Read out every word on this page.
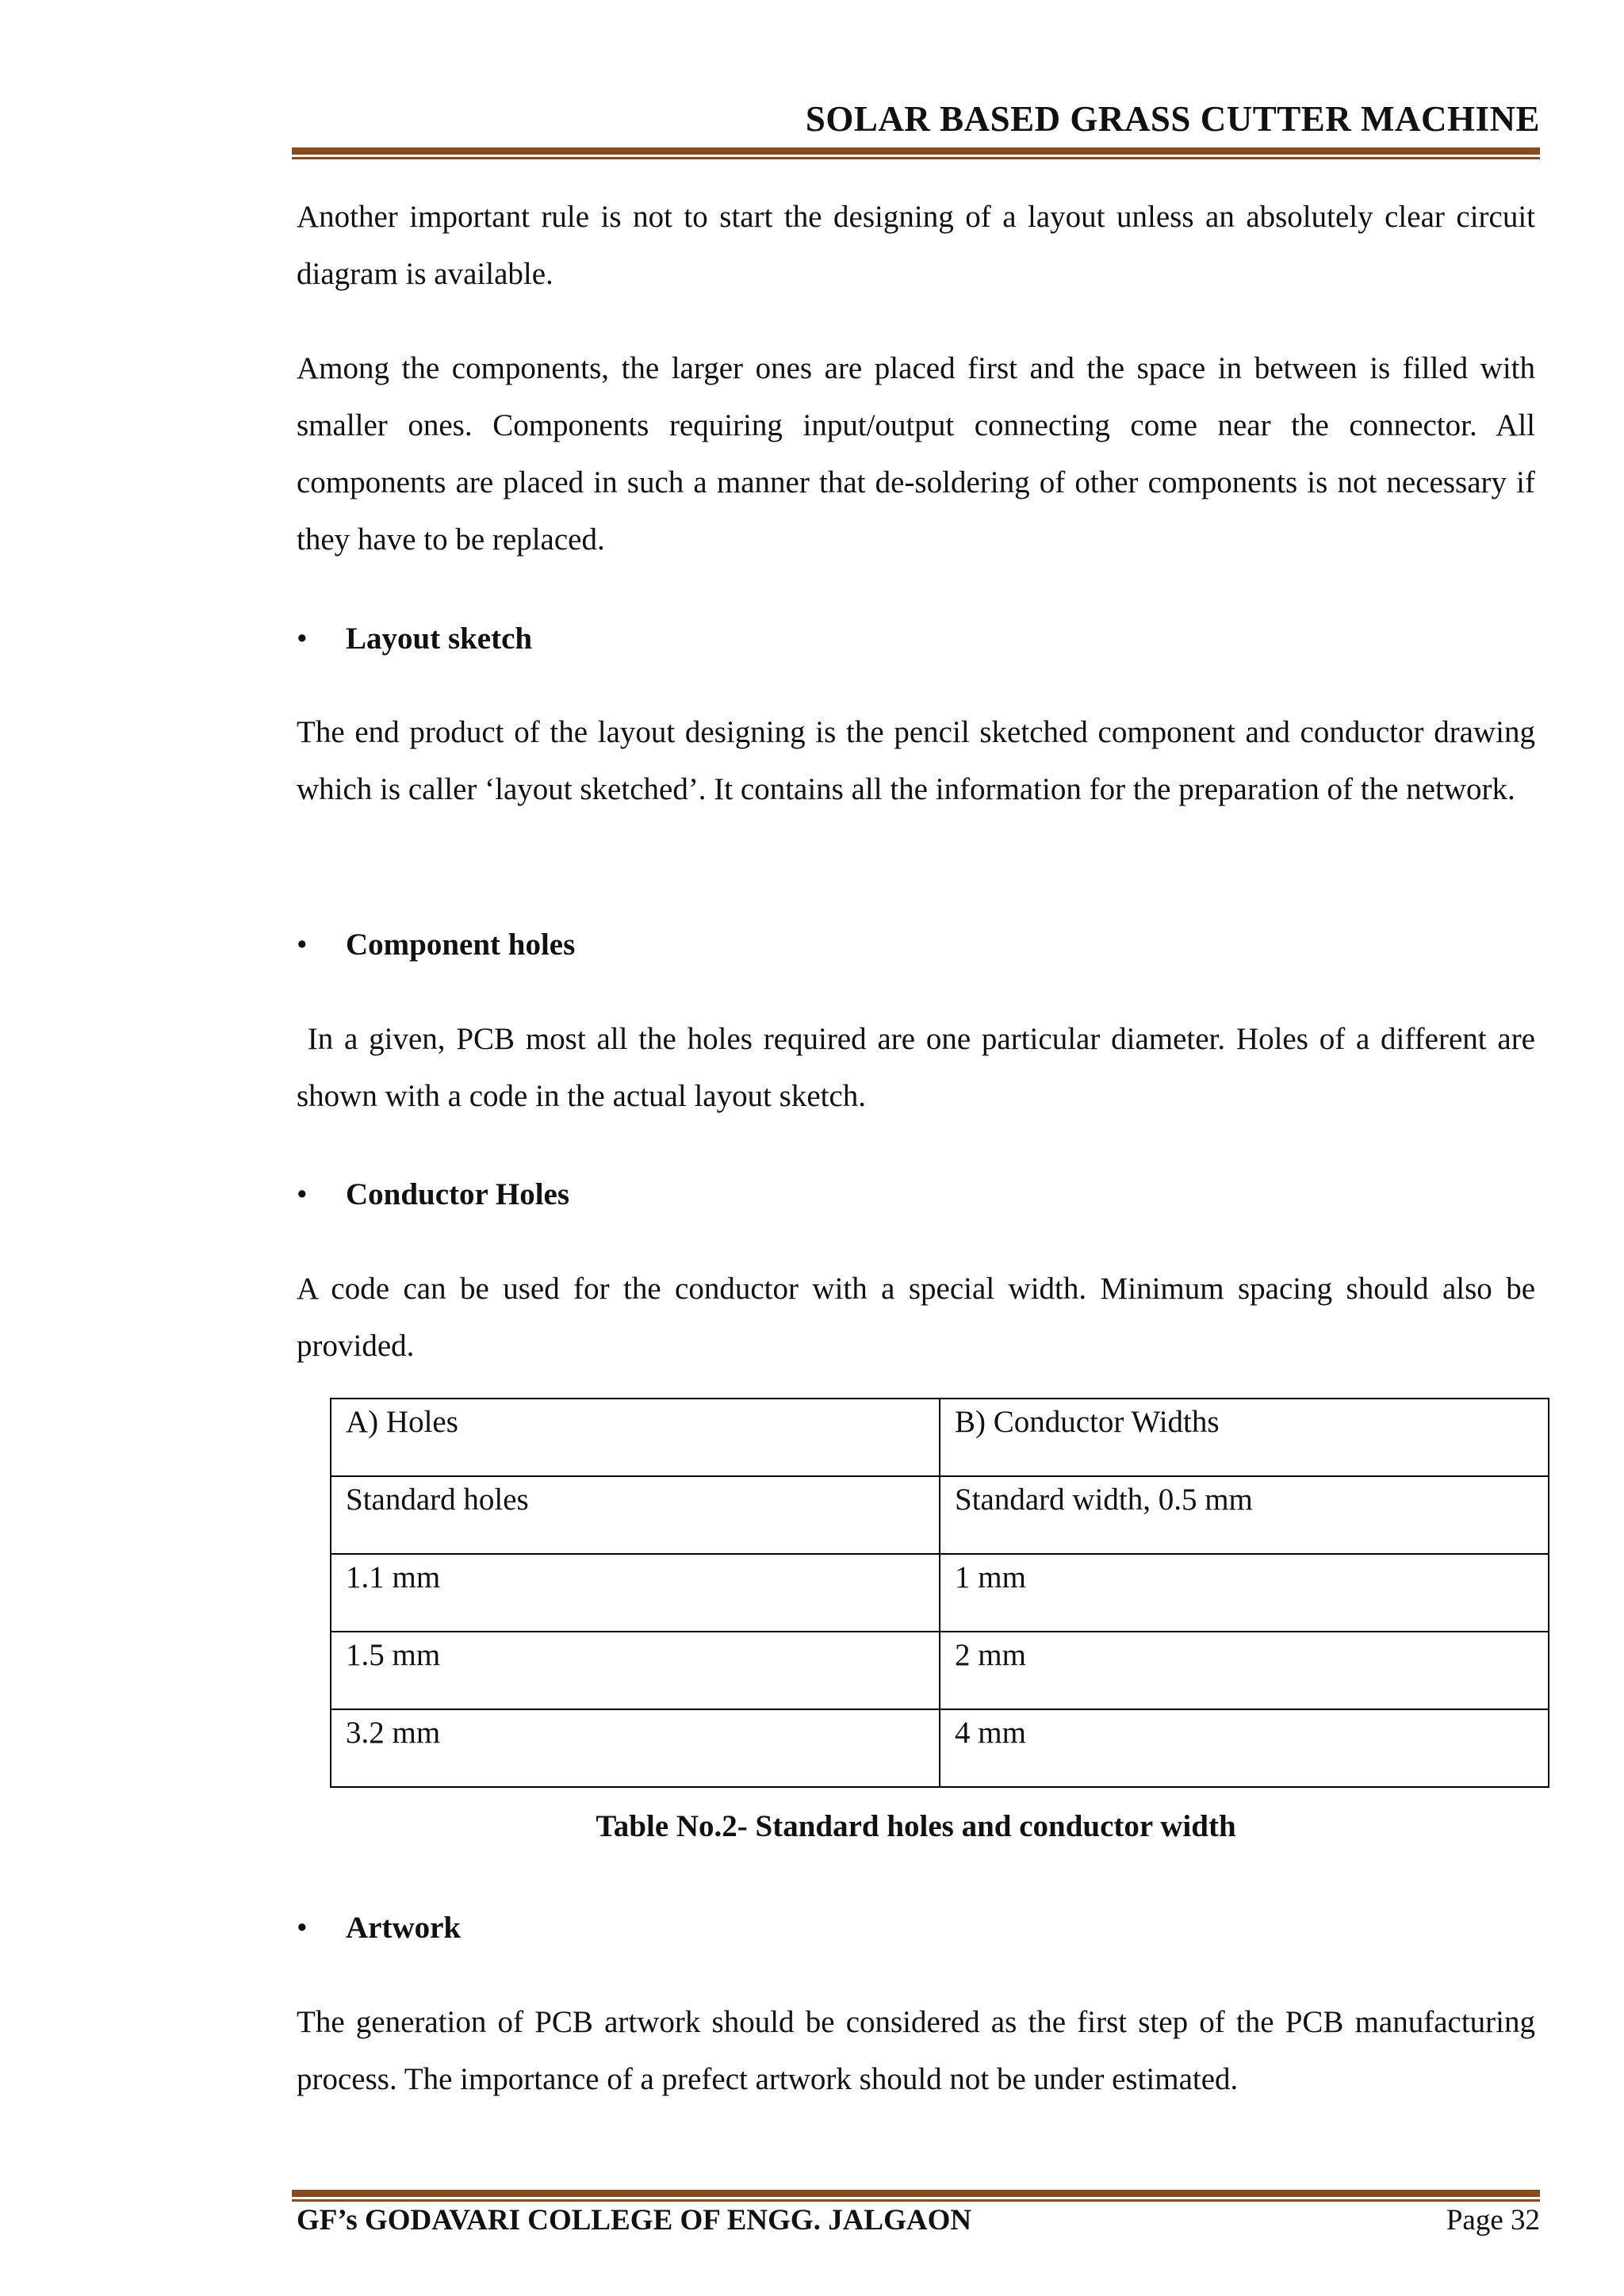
SOLAR BASED GRASS CUTTER MACHINE

Another important rule is not to start the designing of a layout unless an absolutely clear circuit diagram is available.

Among the components, the larger ones are placed first and the space in between is filled with smaller ones. Components requiring input/output connecting come near the connector. All components are placed in such a manner that de-soldering of other components is not necessary if they have to be replaced.

• Layout sketch

The end product of the layout designing is the pencil sketched component and conductor drawing which is caller ‘layout sketched’. It contains all the information for the preparation of the network.

• Component holes

In a given, PCB most all the holes required are one particular diameter. Holes of a different are shown with a code in the actual layout sketch.

• Conductor Holes

A code can be used for the conductor with a special width. Minimum spacing should also be provided.

A) Holes	B) Conductor Widths
Standard holes	Standard width, 0.5 mm
1.1 mm	1 mm
1.5 mm	2 mm
3.2 mm	4 mm
Table No.2- Standard holes and conductor width
• Artwork

The generation of PCB artwork should be considered as the first step of the PCB manufacturing process. The importance of a prefect artwork should not be under estimated.

GF’s GODAVARI COLLEGE OF ENGG. JALGAON	Page 32
